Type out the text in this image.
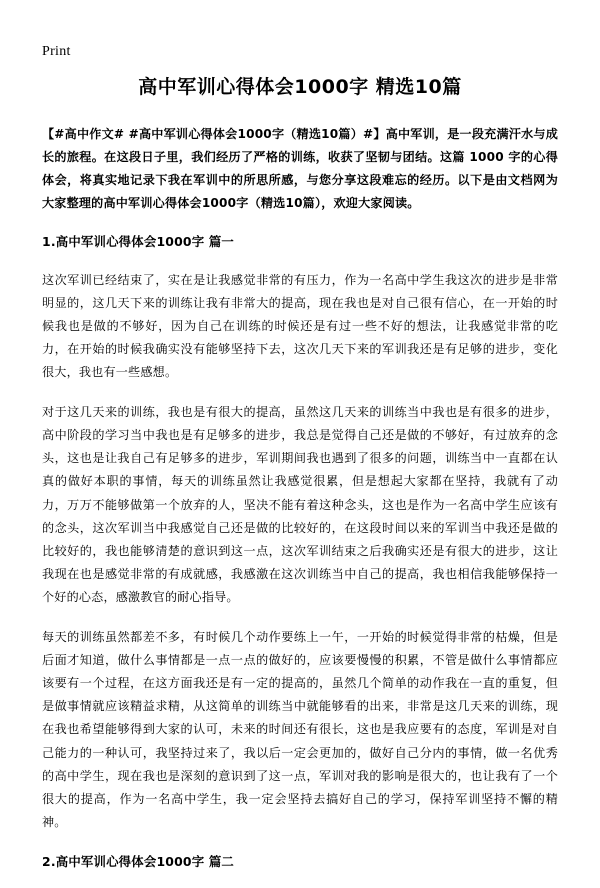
Print
高中军训心得体会1000字 精选10篇

【#高中作文# #高中军训心得体会1000字（精选10篇）#】高中军训，是一段充满汗水与成长的旅程。在这段日子里，我们经历了严格的训练，收获了坚韧与团结。这篇 1000 字的心得体会，将真实地记录下我在军训中的所思所感，与您分享这段难忘的经历。以下是由文档网为大家整理的高中军训心得体会1000字（精选10篇），欢迎大家阅读。

1.高中军训心得体会1000字 篇一

这次军训已经结束了，实在是让我感觉非常的有压力，作为一名高中学生我这次的进步是非常明显的，这几天下来的训练让我有非常大的提高，现在我也是对自己很有信心，在一开始的时候我也是做的不够好，因为自己在训练的时候还是有过一些不好的想法，让我感觉非常的吃力，在开始的时候我确实没有能够坚持下去，这次几天下来的军训我还是有足够的进步，变化很大，我也有一些感想。

对于这几天来的训练，我也是有很大的提高，虽然这几天来的训练当中我也是有很多的进步，高中阶段的学习当中我也是有足够多的进步，我总是觉得自己还是做的不够好，有过放弃的念头，这也是让我自己有足够多的进步，军训期间我也遇到了很多的问题，训练当中一直都在认真的做好本职的事情，每天的训练虽然让我感觉很累，但是想起大家都在坚持，我就有了动力，万万不能够做第一个放弃的人，坚决不能有着这种念头，这也是作为一名高中学生应该有的念头，这次军训当中我感觉自己还是做的比较好的，在这段时间以来的军训当中我还是做的比较好的，我也能够清楚的意识到这一点，这次军训结束之后我确实还是有很大的进步，这让我现在也是感觉非常的有成就感，我感激在这次训练当中自己的提高，我也相信我能够保持一个好的心态，感激教官的耐心指导。

每天的训练虽然都差不多，有时候几个动作要练上一午，一开始的时候觉得非常的枯燥，但是后面才知道，做什么事情都是一点一点的做好的，应该要慢慢的积累，不管是做什么事情都应该要有一个过程，在这方面我还是有一定的提高的，虽然几个简单的动作我在一直的重复，但是做事情就应该精益求精，从这简单的训练当中就能够看的出来，非常是这几天来的训练，现在我也希望能够得到大家的认可，未来的时间还有很长，这也是我应要有的态度，军训是对自己能力的一种认可，我坚持过来了，我以后一定会更加的，做好自己分内的事情，做一名优秀的高中学生，现在我也是深刻的意识到了这一点，军训对我的影响是很大的，也让我有了一个很大的提高，作为一名高中学生，我一定会坚持去搞好自己的学习，保持军训坚持不懈的精神。

2.高中军训心得体会1000字 篇二
